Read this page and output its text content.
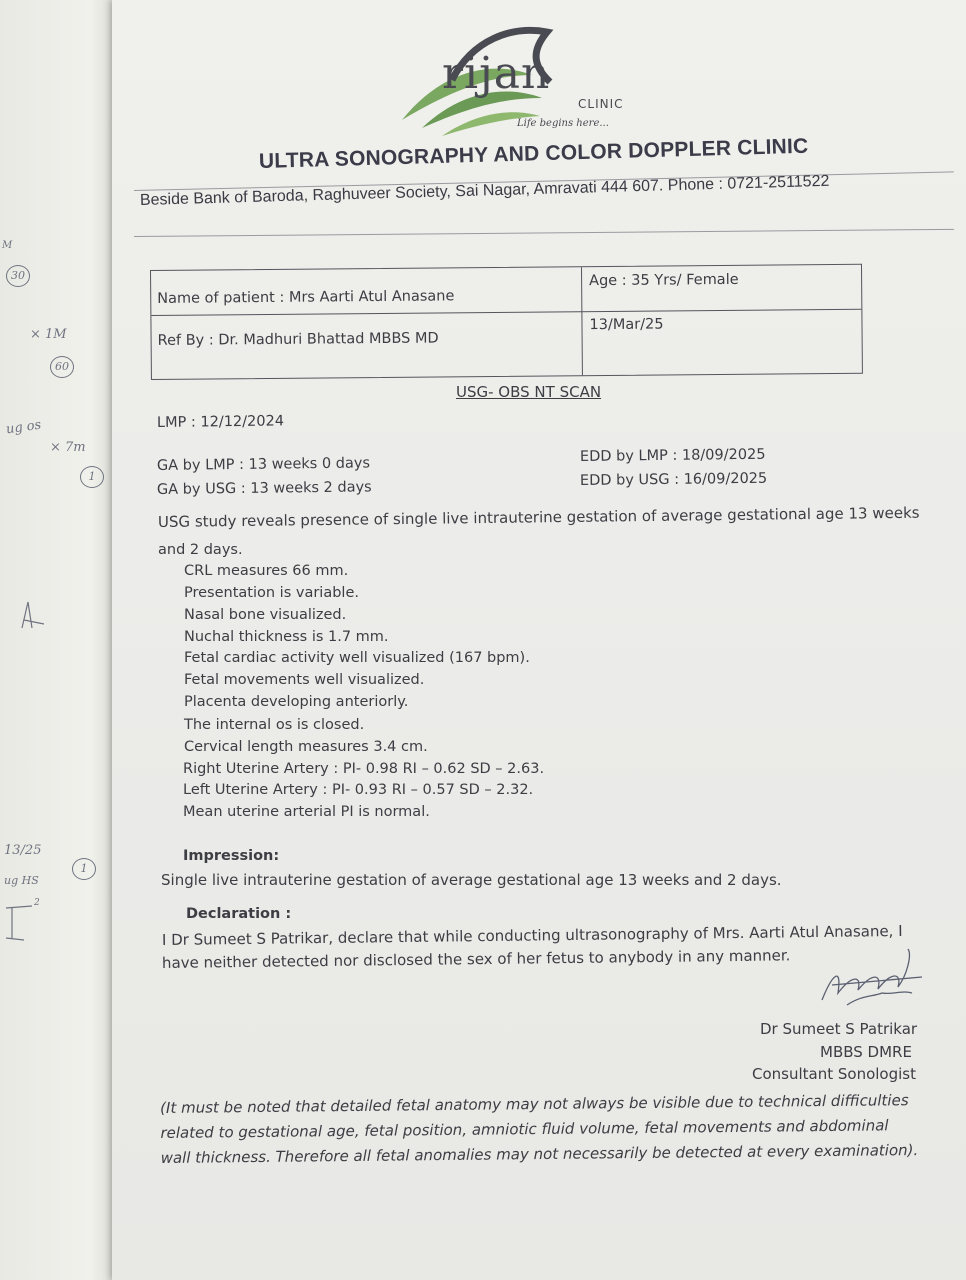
M
30
× 1M
60
ug os
× 7m
1
13/25
ug HS
1
2
rijan
CLINIC
Life begins here...
ULTRA SONOGRAPHY AND COLOR DOPPLER CLINIC
Beside Bank of Baroda, Raghuveer Society, Sai Nagar, Amravati 444 607. Phone : 0721-2511522
Name of patient : Mrs Aarti Atul Anasane
Age : 35 Yrs/ Female
Ref By : Dr. Madhuri Bhattad MBBS MD
13/Mar/25
USG- OBS NT SCAN
LMP : 12/12/2024
GA by LMP : 13 weeks 0 days
GA by USG : 13 weeks 2 days
EDD by LMP : 18/09/2025
EDD by USG : 16/09/2025
USG study reveals presence of single live intrauterine gestation of average gestational age 13 weeks
and 2 days.
CRL measures 66 mm.
Presentation is variable.
Nasal bone visualized.
Nuchal thickness is 1.7 mm.
Fetal cardiac activity well visualized (167 bpm).
Fetal movements well visualized.
Placenta developing anteriorly.
The internal os is closed.
Cervical length measures 3.4 cm.
Right Uterine Artery : PI- 0.98 RI – 0.62 SD – 2.63.
Left Uterine Artery : PI- 0.93 RI – 0.57 SD – 2.32.
Mean uterine arterial PI is normal.
Impression:
Single live intrauterine gestation of average gestational age 13 weeks and 2 days.
Declaration :
I Dr Sumeet S Patrikar, declare that while conducting ultrasonography of Mrs. Aarti Atul Anasane, I
have neither detected nor disclosed the sex of her fetus to anybody in any manner.
Dr Sumeet S Patrikar
MBBS DMRE
Consultant Sonologist
(It must be noted that detailed fetal anatomy may not always be visible due to technical difficulties related to gestational age, fetal position, amniotic fluid volume, fetal movements and abdominal wall thickness. Therefore all fetal anomalies may not necessarily be detected at every examination).
